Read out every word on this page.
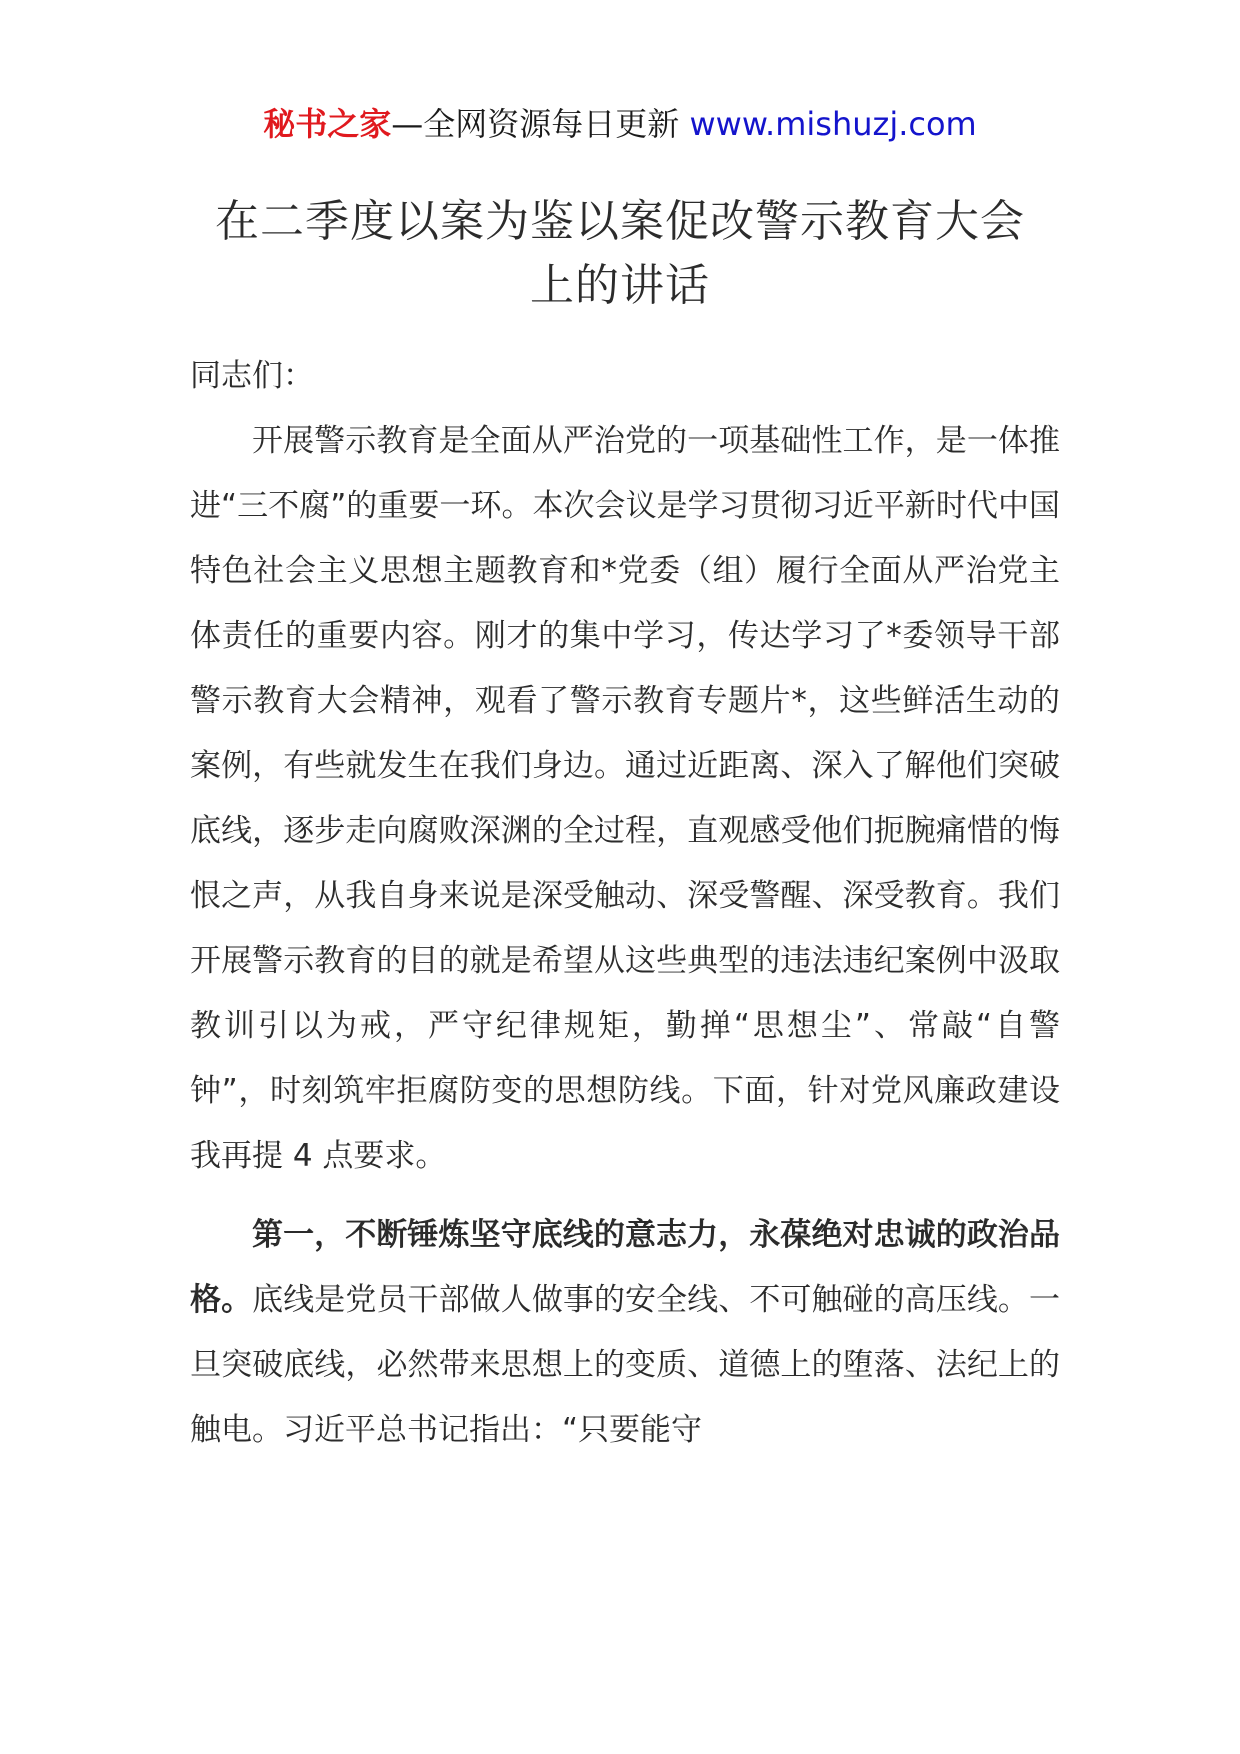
秘书之家—全网资源每日更新 www.mishuzj.com
在二季度以案为鉴以案促改警示教育大会
上的讲话

同志们：

开展警示教育是全面从严治党的一项基础性工作，是一体推进“三不腐”的重要一环。本次会议是学习贯彻习近平新时代中国特色社会主义思想主题教育和*党委（组）履行全面从严治党主体责任的重要内容。刚才的集中学习，传达学习了*委领导干部警示教育大会精神，观看了警示教育专题片*，这些鲜活生动的案例，有些就发生在我们身边。通过近距离、深入了解他们突破底线，逐步走向腐败深渊的全过程，直观感受他们扼腕痛惜的悔恨之声，从我自身来说是深受触动、深受警醒、深受教育。我们开展警示教育的目的就是希望从这些典型的违法违纪案例中汲取教训引以为戒，严守纪律规矩，勤掸“思想尘”、常敲“自警钟”，时刻筑牢拒腐防变的思想防线。下面，针对党风廉政建设我再提 4 点要求。

第一，不断锤炼坚守底线的意志力，永葆绝对忠诚的政治品格。底线是党员干部做人做事的安全线、不可触碰的高压线。一旦突破底线，必然带来思想上的变质、道德上的堕落、法纪上的触电。习近平总书记指出：“只要能守
